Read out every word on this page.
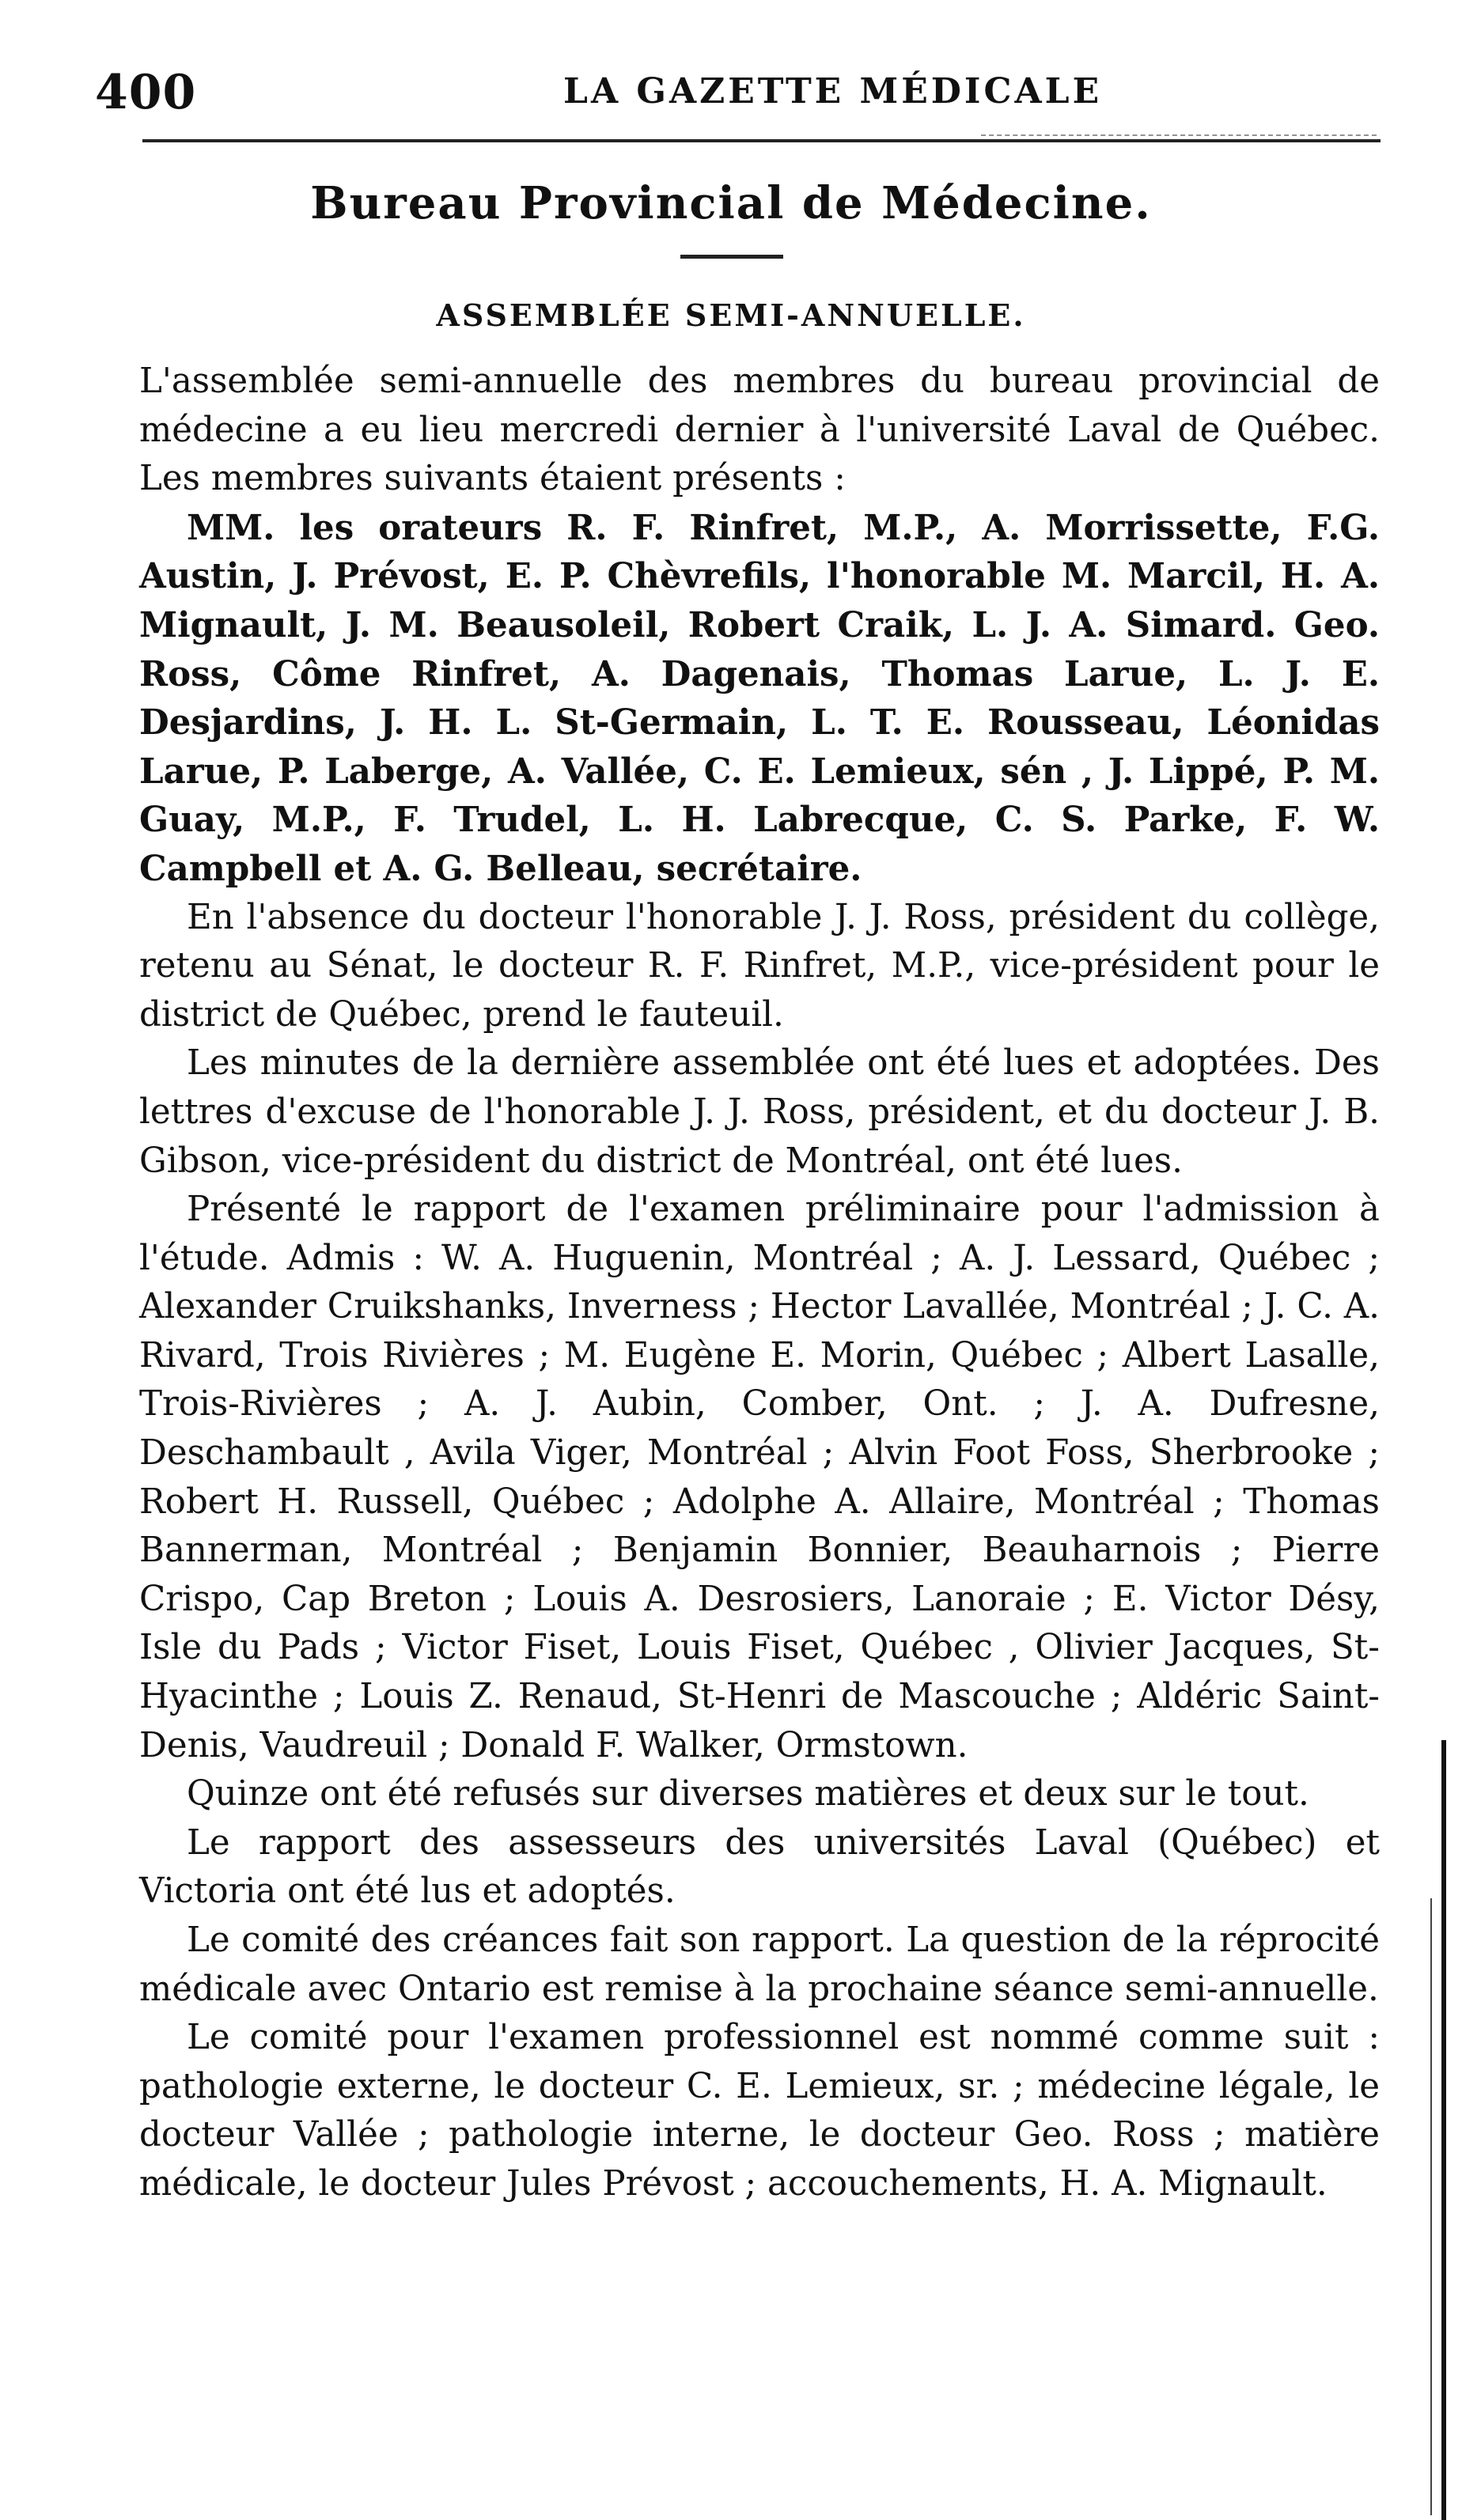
400	LA GAZETTE MÉDICALE
Bureau Provincial de Médecine.
ASSEMBLÉE SEMI-ANNUELLE.

L'assemblée semi-annuelle des membres du bureau provincial de médecine a eu lieu mercredi dernier à l'université Laval de Québec. Les membres suivants étaient présents :

MM. les orateurs R. F. Rinfret, M.P., A. Morrissette, F.G. Austin, J. Prévost, E. P. Chèvrefils, l'honorable M. Marcil, H. A. Mignault, J. M. Beausoleil, Robert Craik, L. J. A. Simard. Geo. Ross, Côme Rinfret, A. Dagenais, Thomas Larue, L. J. E. Desjardins, J. H. L. St-Germain, L. T. E. Rousseau, Léonidas Larue, P. Laberge, A. Vallée, C. E. Lemieux, sén , J. Lippé, P. M. Guay, M.P., F. Trudel, L. H. Labrecque, C. S. Parke, F. W. Campbell et A. G. Belleau, secrétaire.

En l'absence du docteur l'honorable J. J. Ross, président du collège, retenu au Sénat, le docteur R. F. Rinfret, M.P., vice-président pour le district de Québec, prend le fauteuil.

Les minutes de la dernière assemblée ont été lues et adoptées. Des lettres d'excuse de l'honorable J. J. Ross, président, et du docteur J. B. Gibson, vice-président du district de Montréal, ont été lues.

Présenté le rapport de l'examen préliminaire pour l'admission à l'étude. Admis : W. A. Huguenin, Montréal ; A. J. Lessard, Québec ; Alexander Cruikshanks, Inverness ; Hector Lavallée, Montréal ; J. C. A. Rivard, Trois Rivières ; M. Eugène E. Morin, Québec ; Albert Lasalle, Trois-Rivières ; A. J. Aubin, Comber, Ont. ; J. A. Dufresne, Deschambault , Avila Viger, Montréal ; Alvin Foot Foss, Sherbrooke ; Robert H. Russell, Québec ; Adolphe A. Allaire, Montréal ; Thomas Bannerman, Montréal ; Benjamin Bonnier, Beauharnois ; Pierre Crispo, Cap Breton ; Louis A. Desrosiers, Lanoraie ; E. Victor Désy, Isle du Pads ; Victor Fiset, Louis Fiset, Québec , Olivier Jacques, St-Hyacinthe ; Louis Z. Renaud, St-Henri de Mascouche ; Aldéric Saint-Denis, Vaudreuil ; Donald F. Walker, Ormstown.

Quinze ont été refusés sur diverses matières et deux sur le tout.

Le rapport des assesseurs des universités Laval (Québec) et Victoria ont été lus et adoptés.

Le comité des créances fait son rapport. La question de la réprocité médicale avec Ontario est remise à la prochaine séance semi-annuelle.

Le comité pour l'examen professionnel est nommé comme suit : pathologie externe, le docteur C. E. Lemieux, sr. ; médecine légale, le docteur Vallée ; pathologie interne, le docteur Geo. Ross ; matière médicale, le docteur Jules Prévost ; accouchements, H. A. Mignault.
